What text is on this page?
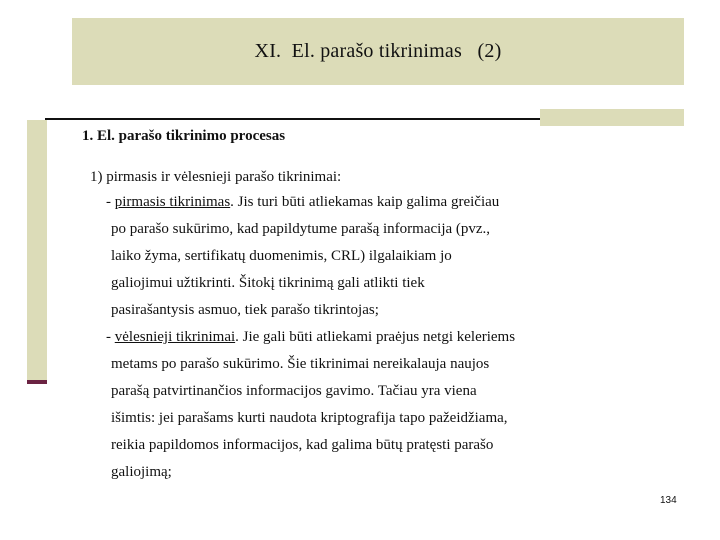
XI.  El. parašo tikrinimas   (2)
1. El. parašo tikrinimo procesas
1) pirmasis ir vėlesnieji parašo tikrinimai:
- pirmasis tikrinimas. Jis turi būti atliekamas kaip galima greičiau
po parašo sukūrimo, kad papildytume parašą informacija (pvz.,
laiko žyma, sertifikatų duomenimis, CRL) ilgalaikiam jo
galiojimui užtikrinti. Šitokį tikrinimą gali atlikti tiek
pasirašantysis asmuo, tiek parašo tikrintojas;
- vėlesnieji tikrinimai. Jie gali būti atliekami praėjus netgi keleriems
metams po parašo sukūrimo. Šie tikrinimai nereikalauja naujos
parašą patvirtinančios informacijos gavimo. Tačiau yra viena
išimtis: jei parašams kurti naudota kriptografija tapo pažeidžiama,
reikia papildomos informacijos, kad galima būtų pratęsti parašo
galiojimą;
134
